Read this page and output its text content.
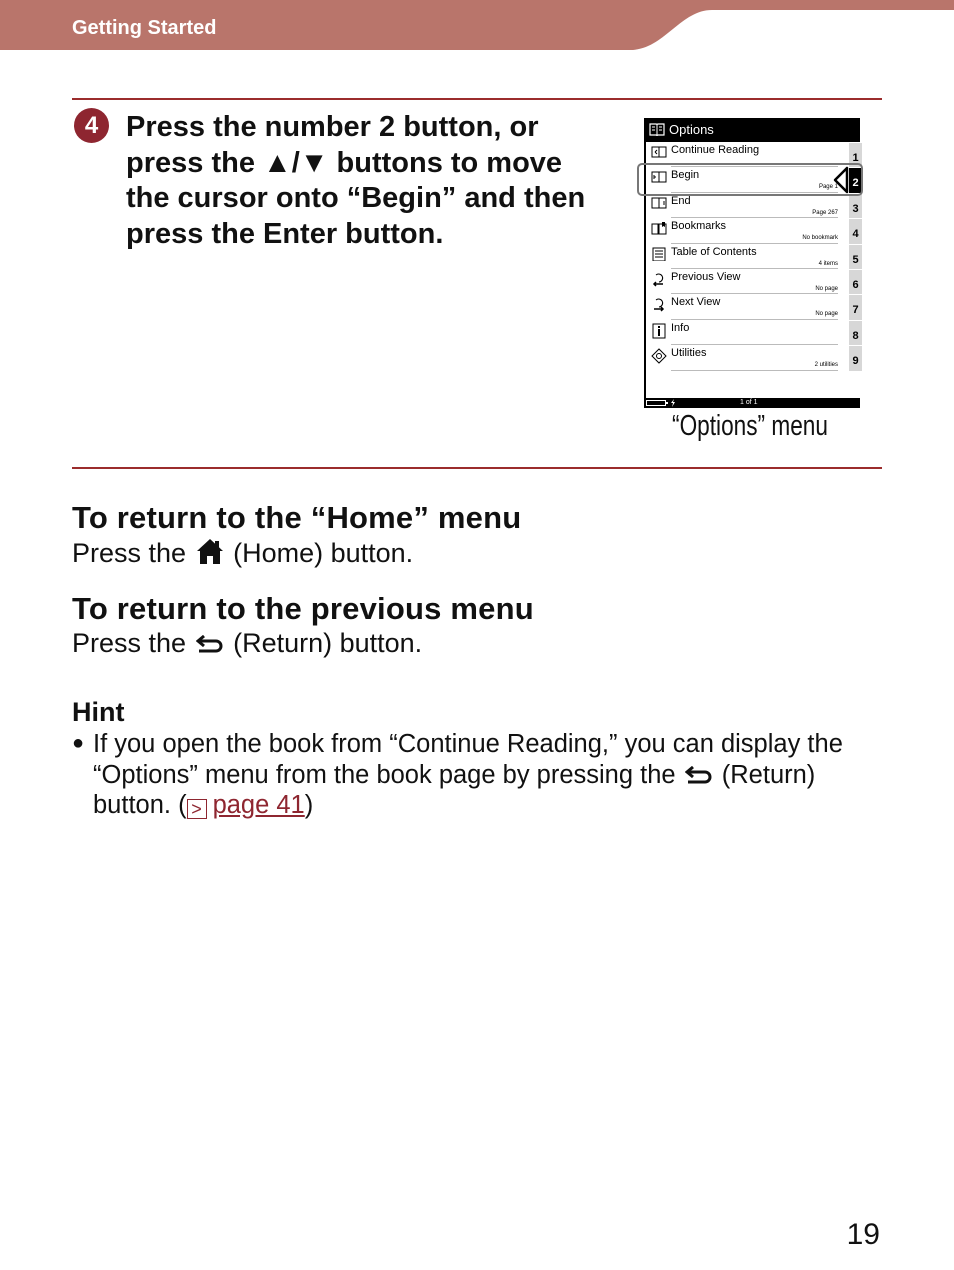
Getting Started
4 Press the number 2 button, or press the ▲/▼ buttons to move the cursor onto “Begin” and then press the Enter button.
Options
Continue Reading
Begin
Page 1
End
Page 267
Bookmarks
No bookmark
Table of Contents
4 items
Previous View
No page
Next View
No page
Info
Utilities
2 utilities
1
2
3
4
5
6
7
8
9
1 of 1
“Options” menu
To return to the “Home” menu
Press the (Home) button.
To return to the previous menu
Press the (Return) button.
Hint
● If you open the book from “Continue Reading,” you can display the “Options” menu from the book page by pressing the (Return) button. ( > page 41)
19
